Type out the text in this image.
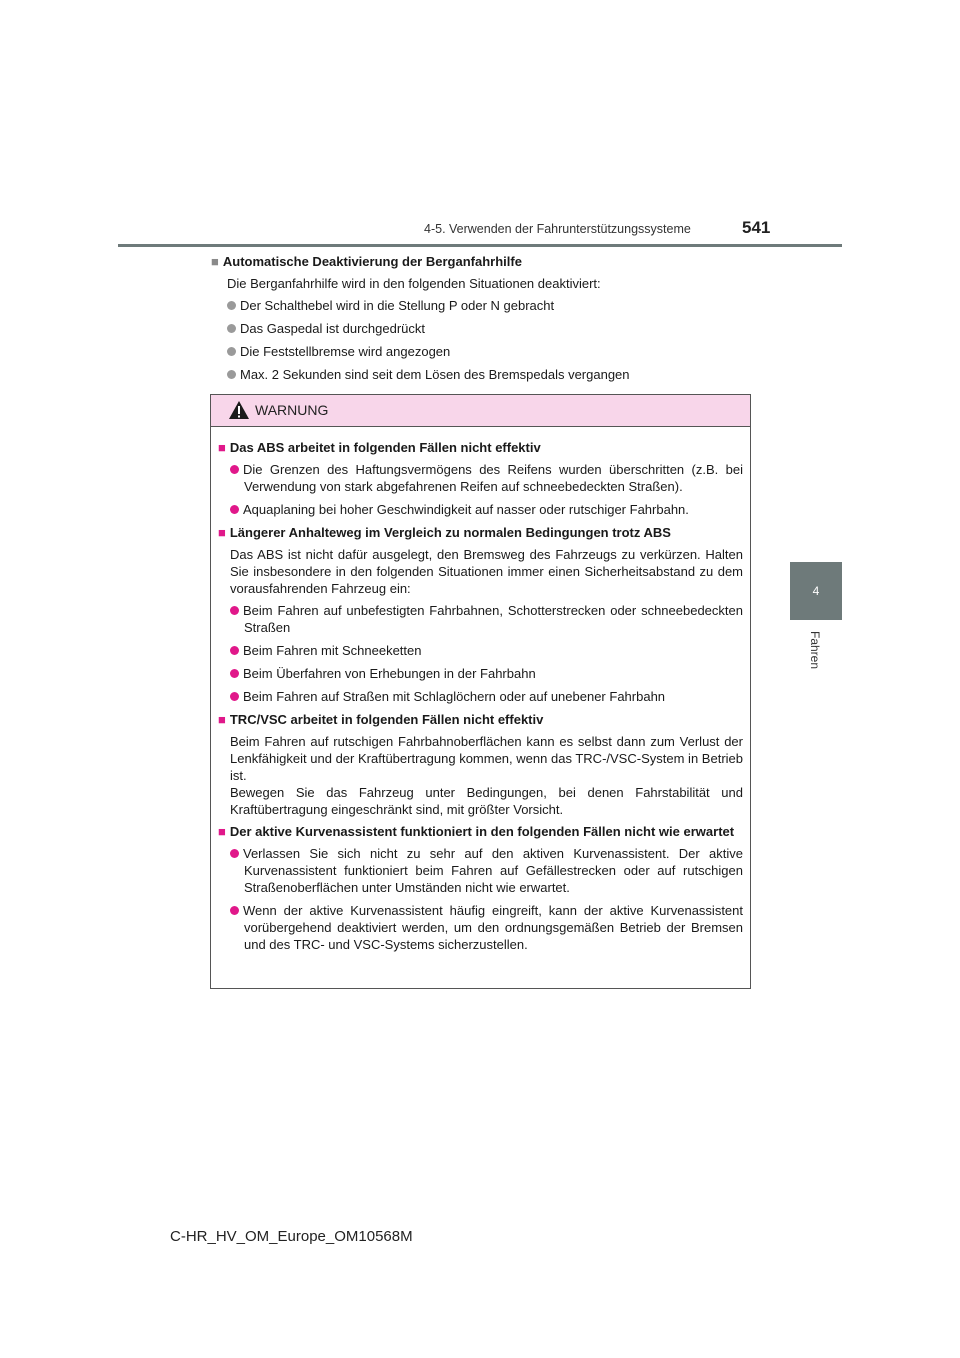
4-5. Verwenden der Fahrunterstützungssysteme	541
4
Fahren
■ Automatische Deaktivierung der Berganfahrhilfe
Die Berganfahrhilfe wird in den folgenden Situationen deaktiviert:
Der Schalthebel wird in die Stellung P oder N gebracht
Das Gaspedal ist durchgedrückt
Die Feststellbremse wird angezogen
Max. 2 Sekunden sind seit dem Lösen des Bremspedals vergangen
WARNUNG
■ Das ABS arbeitet in folgenden Fällen nicht effektiv
Die Grenzen des Haftungsvermögens des Reifens wurden überschritten (z.B. bei Verwendung von stark abgefahrenen Reifen auf schneebedeckten Straßen).
Aquaplaning bei hoher Geschwindigkeit auf nasser oder rutschiger Fahrbahn.
■ Längerer Anhalteweg im Vergleich zu normalen Bedingungen trotz ABS
Das ABS ist nicht dafür ausgelegt, den Bremsweg des Fahrzeugs zu verkürzen. Halten Sie insbesondere in den folgenden Situationen immer einen Sicherheitsabstand zu dem vorausfahrenden Fahrzeug ein:
Beim Fahren auf unbefestigten Fahrbahnen, Schotterstrecken oder schneebedeckten Straßen
Beim Fahren mit Schneeketten
Beim Überfahren von Erhebungen in der Fahrbahn
Beim Fahren auf Straßen mit Schlaglöchern oder auf unebener Fahrbahn
■ TRC/VSC arbeitet in folgenden Fällen nicht effektiv
Beim Fahren auf rutschigen Fahrbahnoberflächen kann es selbst dann zum Verlust der Lenkfähigkeit und der Kraftübertragung kommen, wenn das TRC-/VSC-System in Betrieb ist.
Bewegen Sie das Fahrzeug unter Bedingungen, bei denen Fahrstabilität und Kraftübertragung eingeschränkt sind, mit größter Vorsicht.
■ Der aktive Kurvenassistent funktioniert in den folgenden Fällen nicht wie erwartet
Verlassen Sie sich nicht zu sehr auf den aktiven Kurvenassistent. Der aktive Kurvenassistent funktioniert beim Fahren auf Gefällestrecken oder auf rutschigen Straßenoberflächen unter Umständen nicht wie erwartet.
Wenn der aktive Kurvenassistent häufig eingreift, kann der aktive Kurvenassistent vorübergehend deaktiviert werden, um den ordnungsgemäßen Betrieb der Bremsen und des TRC- und VSC-Systems sicherzustellen.
C-HR_HV_OM_Europe_OM10568M
